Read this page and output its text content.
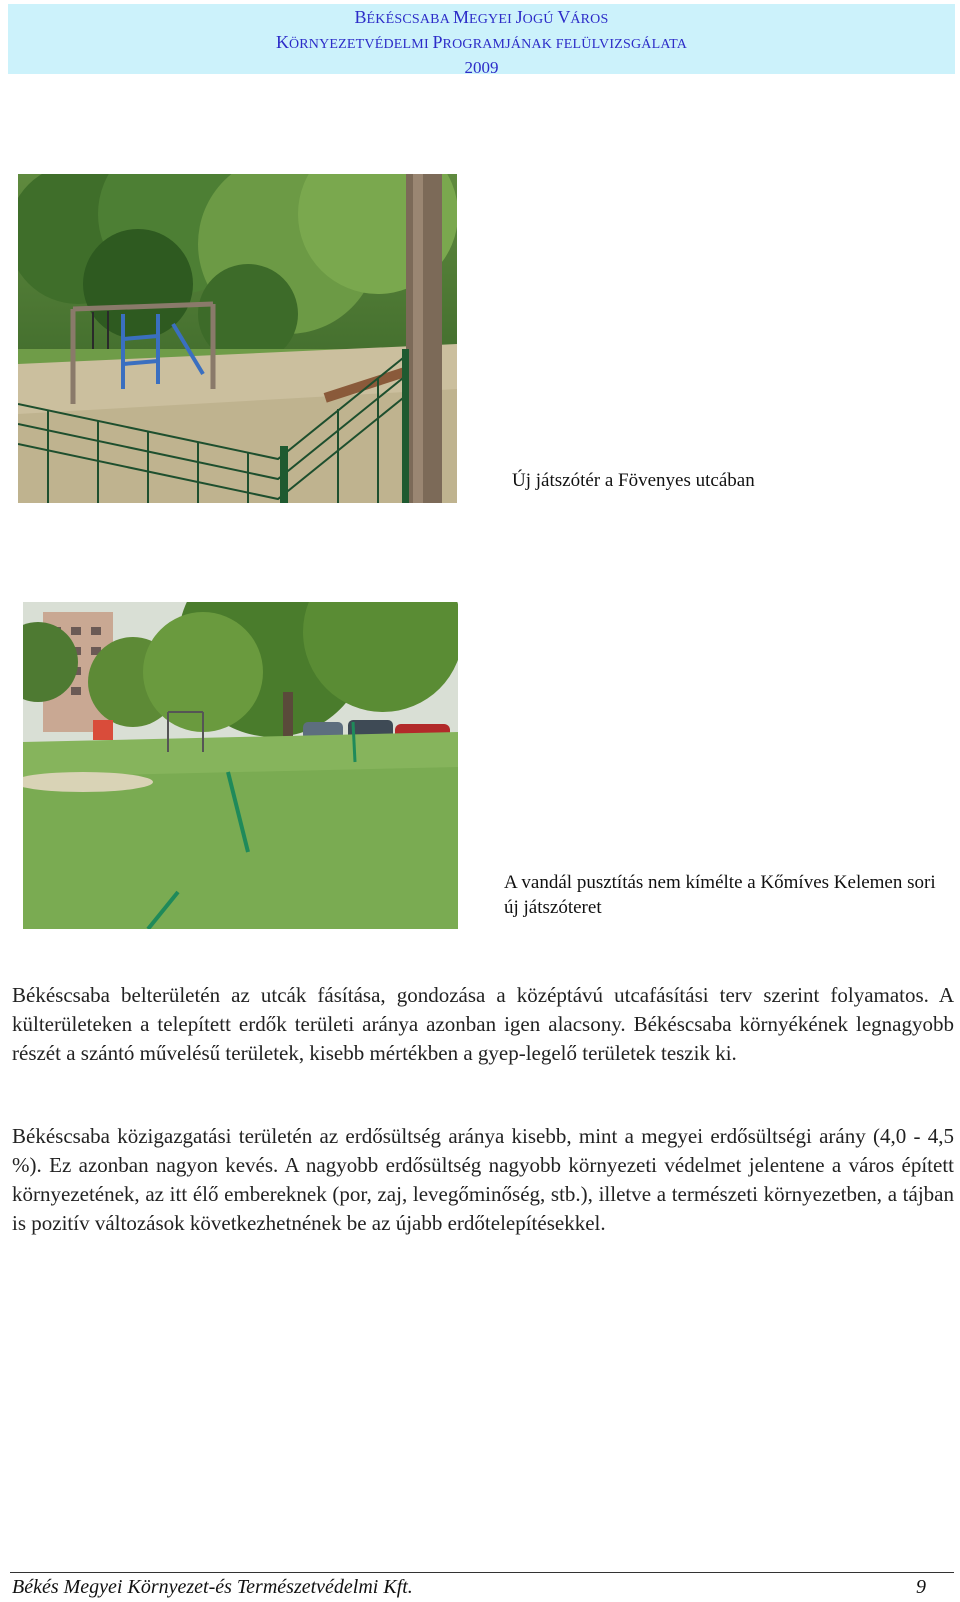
BÉKÉSCSABA MEGYEI JOGÚ VÁROS
KÖRNYEZETVÉDELMI PROGRAMJÁNAK FELÜLVIZSGÁLATA
2009
Új játszótér a Fövenyes utcában
A vandál pusztítás nem kímélte a Kőmíves Kelemen sori új játszóteret
Békéscsaba belterületén az utcák fásítása, gondozása a középtávú utcafásítási terv szerint folyamatos. A külterületeken a telepített erdők területi aránya azonban igen alacsony. Békéscsaba környékének legnagyobb részét a szántó művelésű területek, kisebb mértékben a gyep-legelő területek teszik ki.
Békéscsaba közigazgatási területén az erdősültség aránya kisebb, mint a megyei erdősültségi arány (4,0 - 4,5 %). Ez azonban nagyon kevés. A nagyobb erdősültség nagyobb környezeti védelmet jelentene a város épített környezetének, az itt élő embereknek (por, zaj, levegőminőség, stb.), illetve a természeti környezetben, a tájban is pozitív változások következhetnének be az újabb erdőtelepítésekkel.
Békés Megyei Környezet-és Természetvédelmi Kft.	9
